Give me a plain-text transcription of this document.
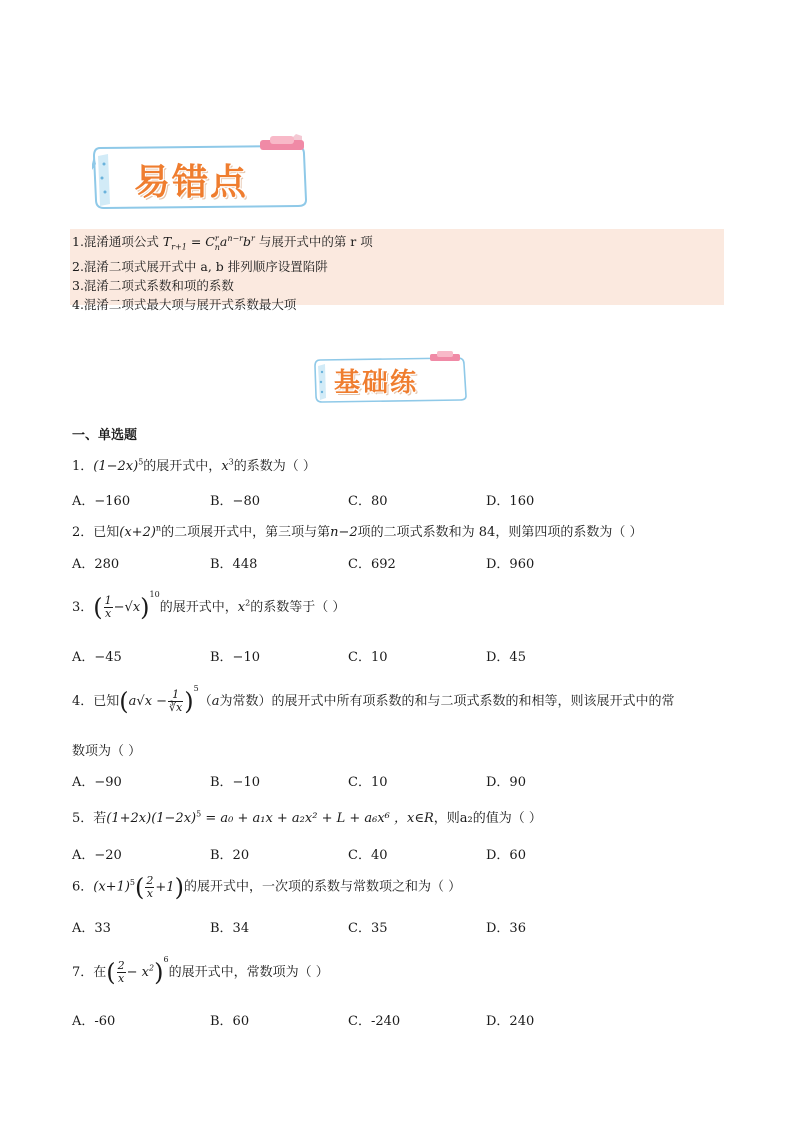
易错点
1.混淆通项公式 $T_{r+1} = C^r_na^{n-r}b^r$ 与展开式中的第 r 项
2.混淆二项式展开式中 a, b 排列顺序设置陷阱
3.混淆二项式系数和项的系数
4.混淆二项式最大项与展开式系数最大项
基础练
一、单选题
1．$(1-2x)^5$的展开式中，$x^3$的系数为（ ）
A．−160	B．−80	C．80	D．160
2．已知$(x+2)^n$的二项展开式中，第三项与第n−2项的二项式系数和为 84，则第四项的系数为（ ）
A．280	B．448	C．692	D．960
3．( $\frac{1}{x} -√x)^{10}$的展开式中，$x^2$的系数等于（ ）
A．−45	B．−10	C．10	D．45
4．已知$(a√x - \frac{1}{∛x} )^5(a$为常数）的展开式中所有项系数的和与二项式系数的和相等，则该展开式中的常
数项为（ ）
A．−90	B．−10	C．10	D．90
5．若$(1+2x)(1-2x)^5 = a_0 + a_1x + a_2x^2 + L + a_6x^6$ ，x∈R，则a₂的值为（ ）
A．−20	B．20	C．40	D．60
6．$(x+1)^5( \frac{2}{x} +1)$的展开式中，一次项的系数与常数项之和为（ ）
A．33	B．34	C．35	D．36
7．在( $\frac{2}{x} - x^2)^6$的展开式中，常数项为（ ）
A．-60	B．60	C．-240	D．240
